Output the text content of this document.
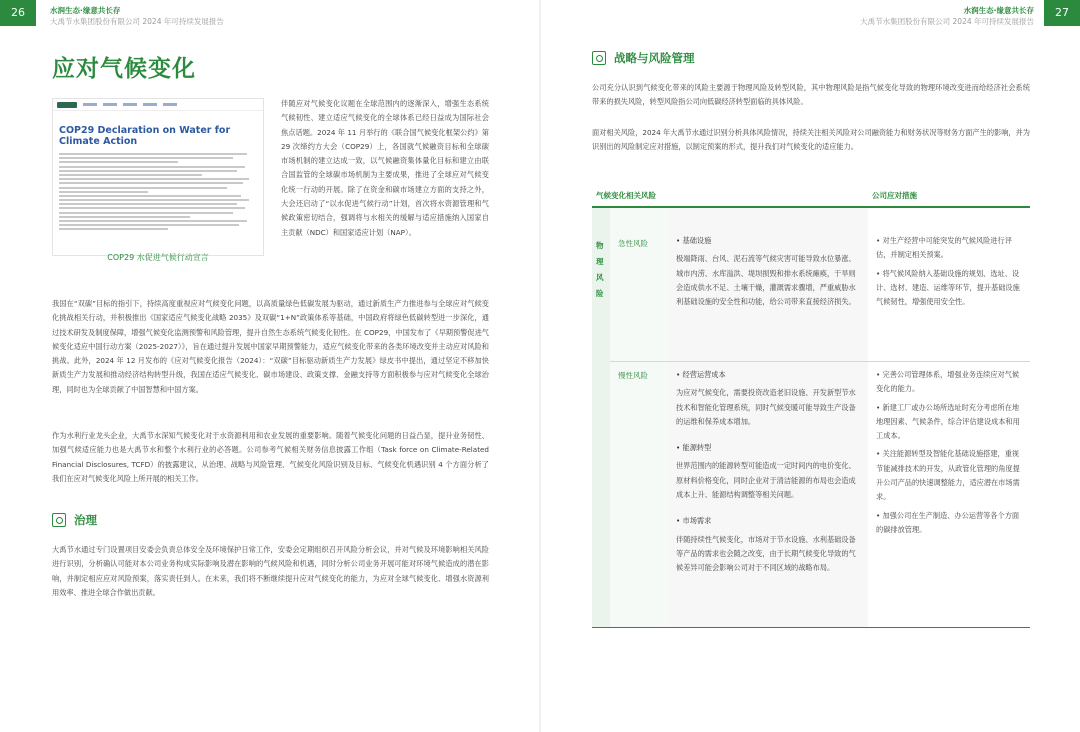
26	水润生态·缘意共长存
大禹节水集团股份有限公司 2024 年可持续发展报告
水润生态·缘意共长存
大禹节水集团股份有限公司 2024 年可持续发展报告
27
应对气候变化
COP29 Declaration on Water for Climate Action
COP29 水促进气候行动宣言
伴随应对气候变化议题在全球范围内的逐渐深入，增强生态系统气候韧性、建立适应气候变化的全球体系已经日益成为国际社会焦点话题。2024 年 11 月举行的《联合国气候变化框架公约》第 29 次缔约方大会（COP29）上，各国就气候融资目标和全球碳市场机制的建立达成一致，以气候融资集体量化目标和建立由联合国监管的全球碳市场机制为主要成果，推进了全球应对气候变化统一行动的开展。除了在资金和碳市场建立方面的支持之外，大会还启动了“以水促进气候行动”计划，首次将水资源管理和气候政策密切结合，强调将与水相关的缓解与适应措施纳入国家自主贡献（NDC）和国家适应计划（NAP）。
我国在“双碳”目标的指引下，持续高度重视应对气候变化问题，以高质量绿色低碳发展为驱动，通过新质生产力推进参与全球应对气候变化挑战相关行动，并积极推出《国家适应气候变化战略 2035》及双碳“1+N”政策体系等基础，中国政府将绿色低碳转型进一步深化，通过技术研发及制度保障，增强气候变化监测预警和风险管理，提升自然生态系统气候变化韧性。在 COP29，中国发布了《早期预警促进气候变化适应中国行动方案（2025-2027）》，旨在通过提升发展中国家早期预警能力，适应气候变化带来的各类环境改变并主动应对风险和挑战。此外，2024 年 12 月发布的《应对气候变化报告（2024）：“双碳”目标驱动新质生产力发展》绿皮书中提出，通过坚定不移加快新质生产力发展和推动经济结构转型升级，我国在适应气候变化、碳市场建设、政策支撑、金融支持等方面积极参与应对气候变化全球治理，同时也为全球贡献了中国智慧和中国方案。
作为水利行业龙头企业，大禹节水深知气候变化对于水资源利用和农业发展的重要影响。随着气候变化问题的日益凸显，提升业务韧性、加强气候适应能力也是大禹节水和整个水利行业的必答题。公司参考气候相关财务信息披露工作组（Task force on Climate-Related Financial Disclosures, TCFD）的披露建议，从治理、战略与风险管理、气候变化风险识别及目标、气候变化机遇识别 4 个方面分析了我们在应对气候变化风险上所开展的相关工作。
治理
大禹节水通过专门设置项目安委会负责总体安全及环境保护日常工作，安委会定期组织召开风险分析会议，并对气候及环境影响相关风险进行识别，分析确认可能对本公司业务构成实际影响及潜在影响的气候风险和机遇，同时分析公司业务开展可能对环境气候造成的潜在影响，并制定相应应对风险预案，落实责任到人。在未来，我们将不断继续提升应对气候变化的能力，为应对全球气候变化、增强水资源利用效率、推进全球合作做出贡献。
战略与风险管理
公司充分认识到气候变化带来的风险主要源于物理风险及转型风险，其中物理风险是指气候变化导致的物理环境改变进而给经济社会系统带来的损失风险，转型风险指公司向低碳经济转型面临的具体风险。
面对相关风险，2024 年大禹节水通过识别分析具体风险情况，持续关注相关风险对公司融资能力和财务状况等财务方面产生的影响，并为识别出的风险制定应对措施，以制定预案的形式，提升我们对气候变化的适应能力。
气候变化相关风险	公司应对措施
物理风险
急性风险
慢性风险
• 基础设施
极端降雨、台风、泥石流等气候灾害可能导致水位暴涨、城市内涝、水库溢洪、堤坝损毁和排水系统瘫痪，干旱则会造成供水不足、土壤干燥，灌溉需求骤增，严重威胁水利基础设施的安全性和功能，给公司带来直接经济损失。
• 对生产经营中可能突发的气候风险进行评估，并制定相关预案。
• 将气候风险纳入基础设施的规划、选址、设计、选材、建造、运维等环节，提升基础设施气候韧性，增强使用安全性。
• 经营运营成本
为应对气候变化，需要投资改造老旧设施、开发新型节水技术和智能化管理系统，同时气候变暖可能导致生产设备的运维和保养成本增加。
• 能源转型
世界范围内的能源转型可能造成一定时间内的电价变化、原材料价格变化，同时企业对于清洁能源的布局也会造成成本上升、能源结构调整等相关问题。
• 市场需求
伴随持续性气候变化，市场对于节水设施、水利基础设备等产品的需求也会随之改变，由于长期气候变化导致的气候差异可能会影响公司对于不同区域的战略布局。
• 完善公司管理体系，增强业务连续应对气候变化的能力。
• 新建工厂或办公场所选址时充分考虑所在地地理因素、气候条件，综合评估建设成本和用工成本。
• 关注能源转型及智能化基础设施搭建，重视节能减排技术的开发，从政管化管理的角度提升公司产品的快速调整能力，适应潜在市场需求。
• 加强公司在生产制造、办公运营等各个方面的碳排放管理。
